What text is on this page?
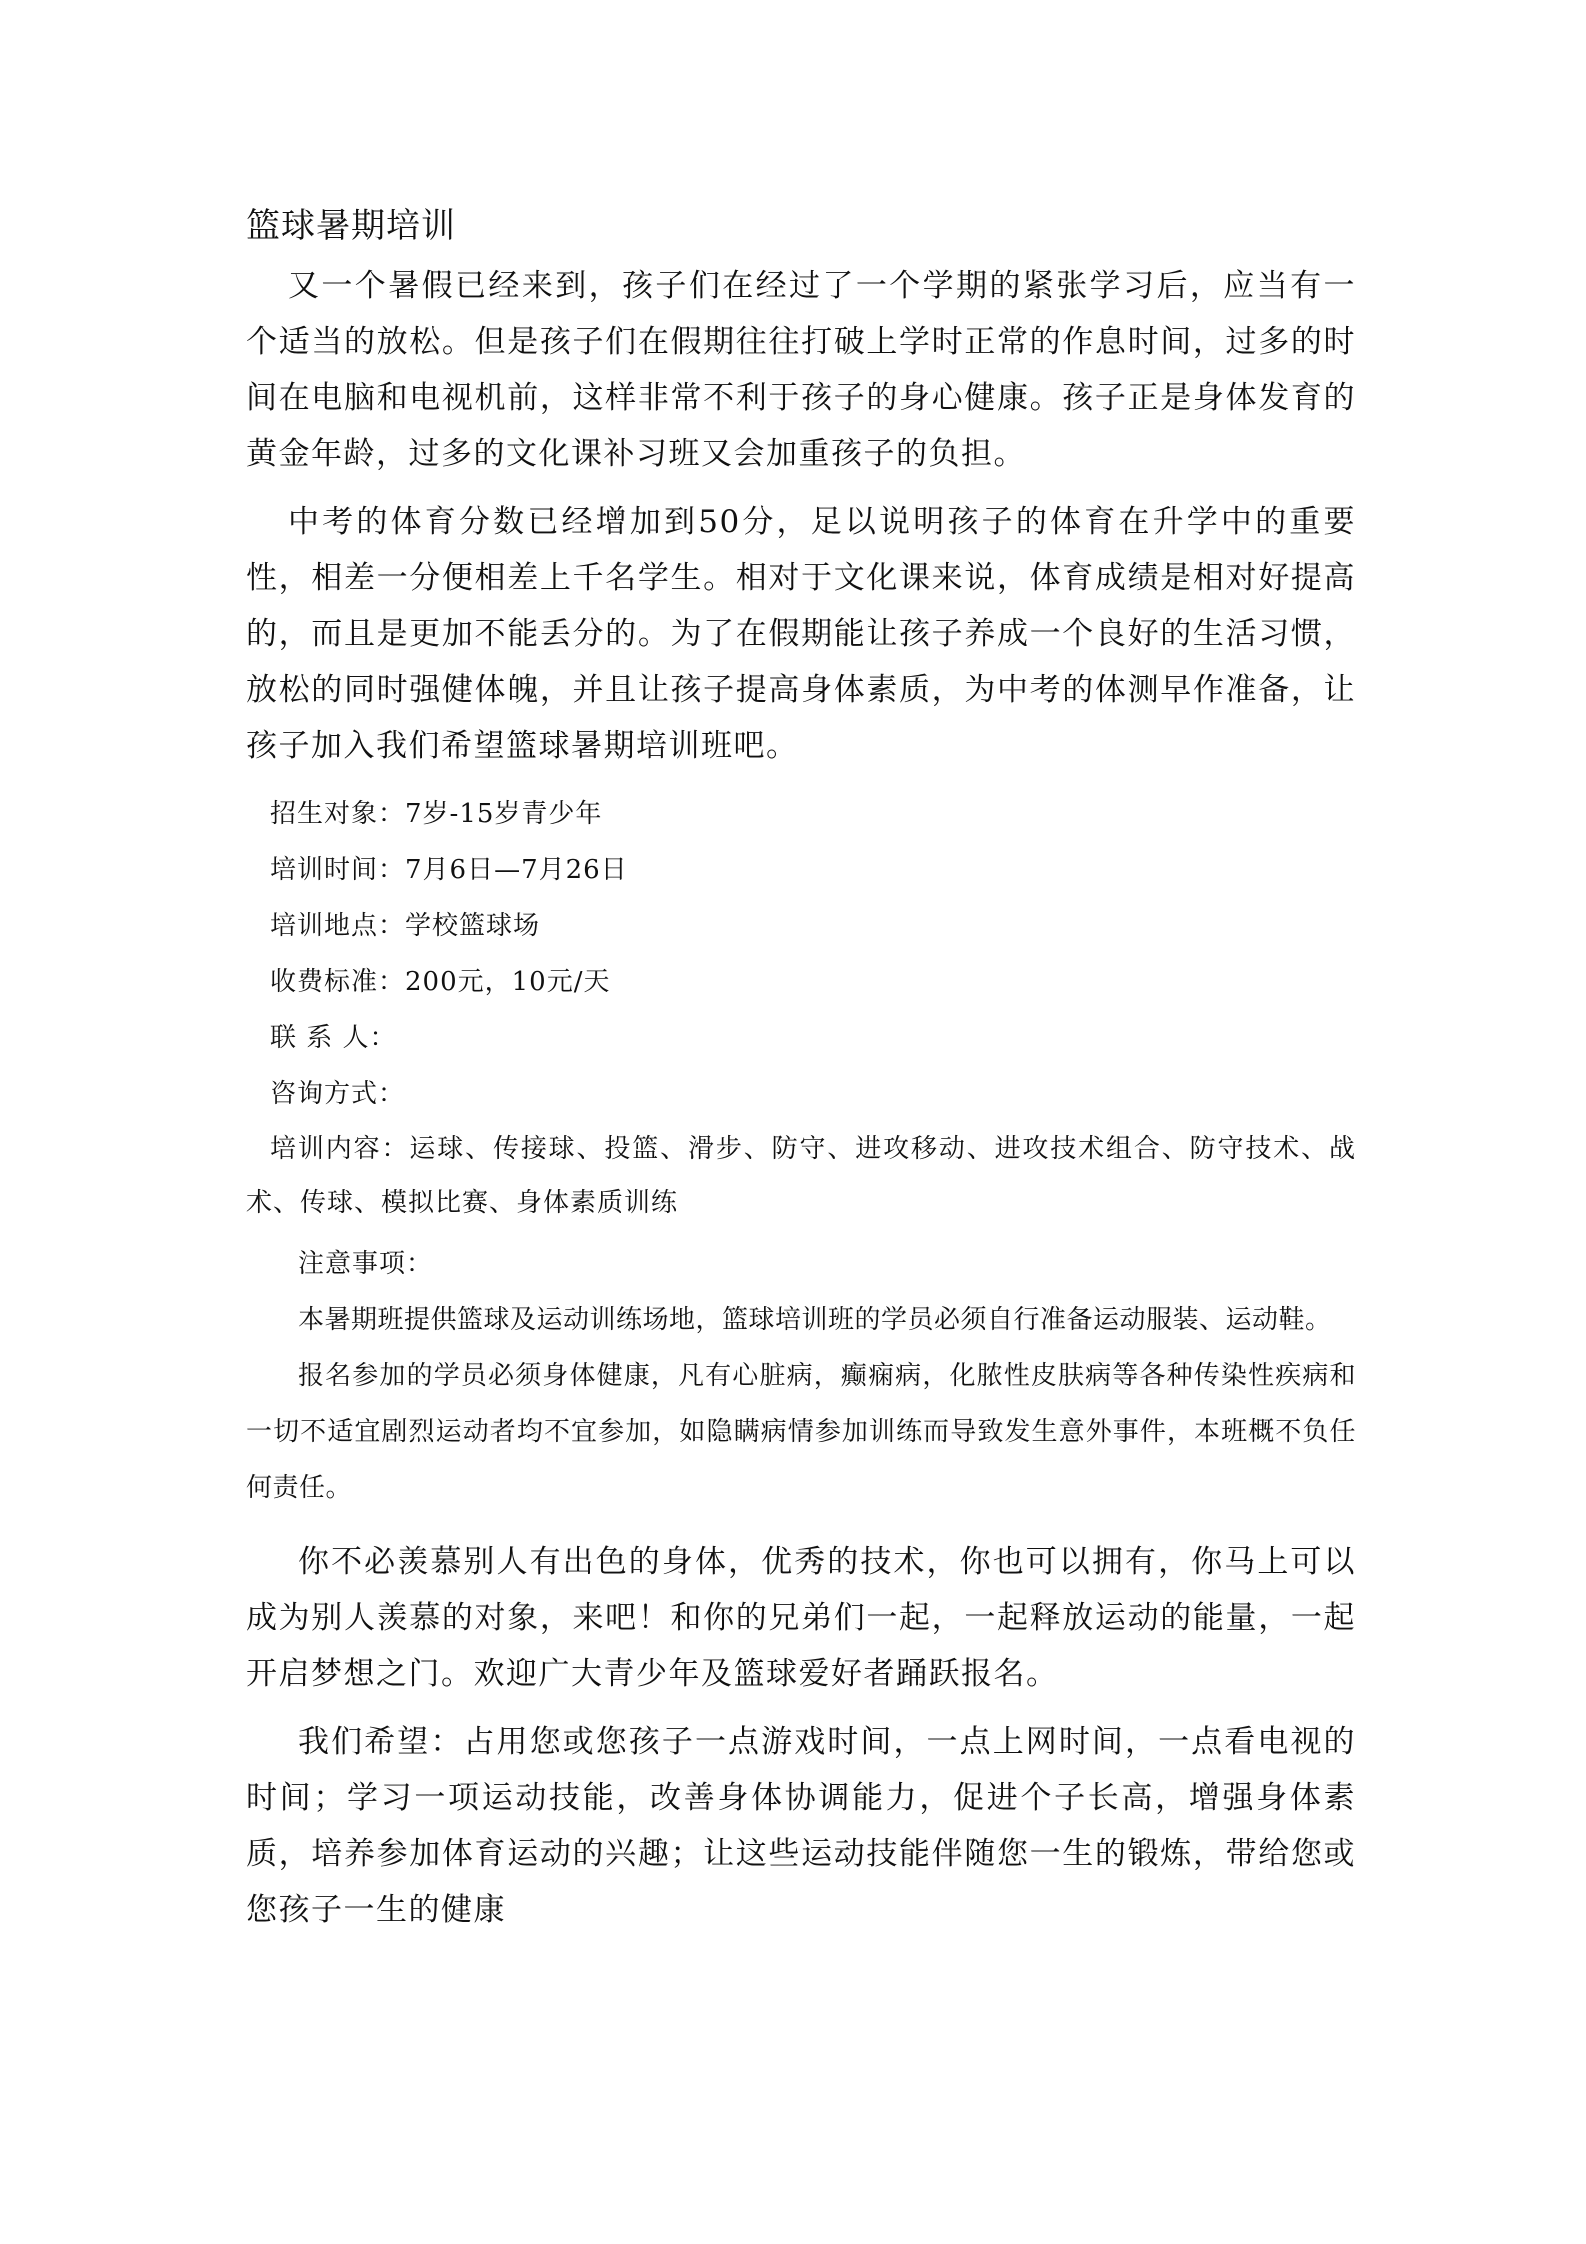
篮球暑期培训

又一个暑假已经来到，孩子们在经过了一个学期的紧张学习后，应当有一个适当的放松。但是孩子们在假期往往打破上学时正常的作息时间，过多的时间在电脑和电视机前，这样非常不利于孩子的身心健康。孩子正是身体发育的黄金年龄，过多的文化课补习班又会加重孩子的负担。

中考的体育分数已经增加到50分，足以说明孩子的体育在升学中的重要性，相差一分便相差上千名学生。相对于文化课来说，体育成绩是相对好提高的，而且是更加不能丢分的。为了在假期能让孩子养成一个良好的生活习惯，放松的同时强健体魄，并且让孩子提高身体素质，为中考的体测早作准备，让孩子加入我们希望篮球暑期培训班吧。

招生对象：7岁-15岁青少年
培训时间：7月6日—7月26日
培训地点：学校篮球场
收费标准：200元，10元/天
联 系 人：
咨询方式：

培训内容：运球、传接球、投篮、滑步、防守、进攻移动、进攻技术组合、防守技术、战术、传球、模拟比赛、身体素质训练

注意事项：

本暑期班提供篮球及运动训练场地，篮球培训班的学员必须自行准备运动服装、运动鞋。

报名参加的学员必须身体健康，凡有心脏病，癫痫病，化脓性皮肤病等各种传染性疾病和一切不适宜剧烈运动者均不宜参加，如隐瞒病情参加训练而导致发生意外事件，本班概不负任何责任。

你不必羡慕别人有出色的身体，优秀的技术，你也可以拥有，你马上可以成为别人羡慕的对象，来吧！和你的兄弟们一起，一起释放运动的能量，一起开启梦想之门。欢迎广大青少年及篮球爱好者踊跃报名。

我们希望：占用您或您孩子一点游戏时间，一点上网时间，一点看电视的时间；学习一项运动技能，改善身体协调能力，促进个子长高，增强身体素质，培养参加体育运动的兴趣；让这些运动技能伴随您一生的锻炼，带给您或您孩子一生的健康
